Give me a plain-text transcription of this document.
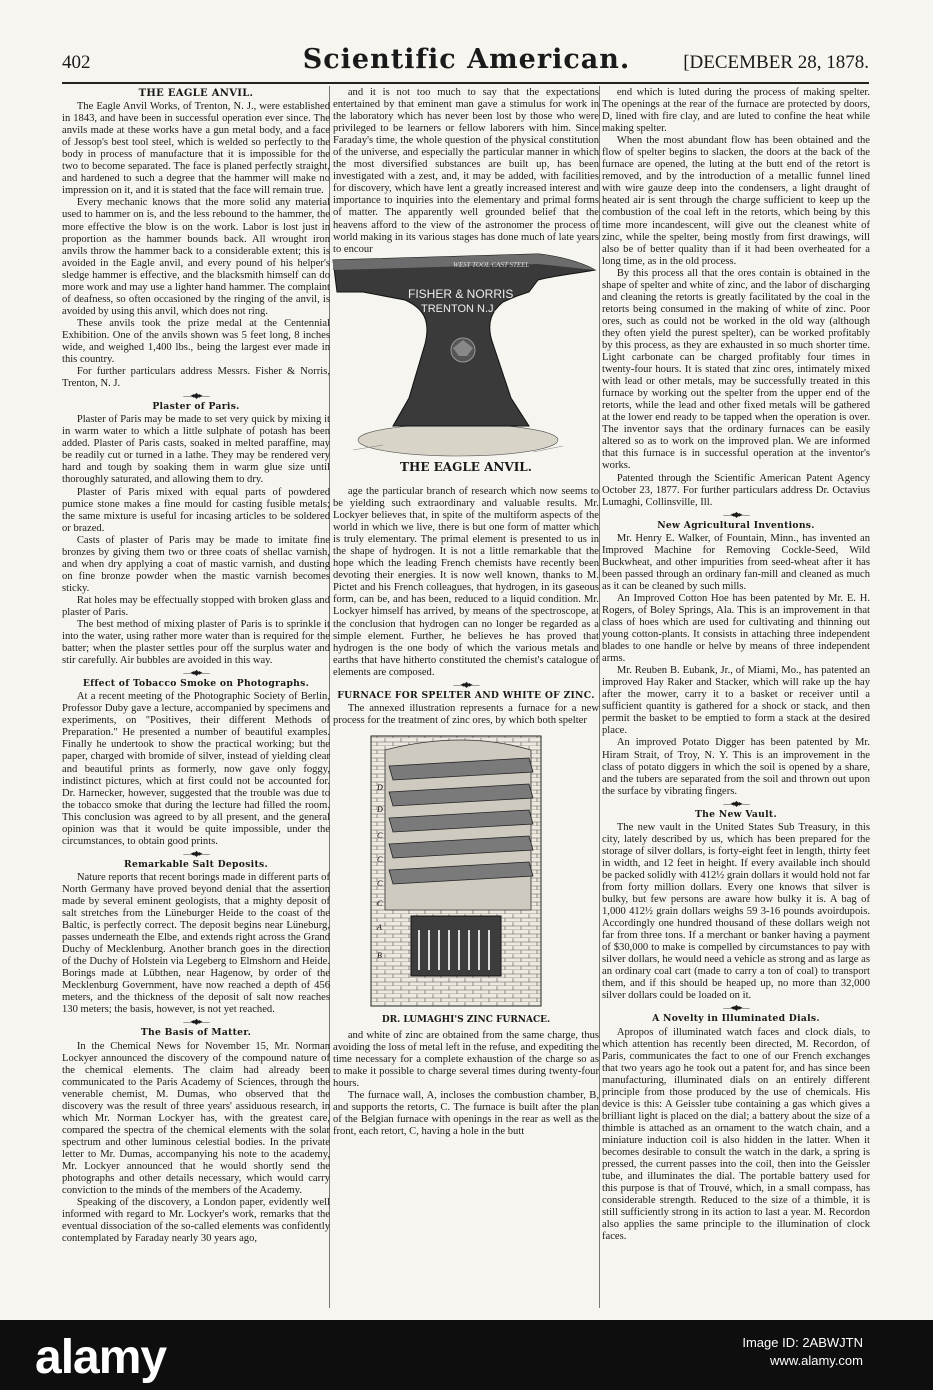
402	Scientific American.	[DECEMBER 28, 1878.
THE EAGLE ANVIL.

The Eagle Anvil Works, of Trenton, N. J., were established in 1843, and have been in successful operation ever since. The anvils made at these works have a gun metal body, and a face of Jessop's best tool steel, which is welded so perfectly to the body in process of manufacture that it is impossible for the two to become separated. The face is planed perfectly straight, and hardened to such a degree that the hammer will make no impression on it, and it is stated that the face will remain true.

Every mechanic knows that the more solid any material used to hammer on is, and the less rebound to the hammer, the more effective the blow is on the work. Labor is lost just in proportion as the hammer bounds back. All wrought iron anvils throw the hammer back to a considerable extent; this is avoided in the Eagle anvil, and every pound of his helper's sledge hammer is effective, and the blacksmith himself can do more work and may use a lighter hand hammer. The complaint of deafness, so often occasioned by the ringing of the anvil, is avoided by using this anvil, which does not ring.

These anvils took the prize medal at the Centennial Exhibition. One of the anvils shown was 5 feet long, 8 inches wide, and weighed 1,400 lbs., being the largest ever made in this country.

For further particulars address Messrs. Fisher & Norris, Trenton, N. J.

—◂◆▸—
Plaster of Paris.

Plaster of Paris may be made to set very quick by mixing it in warm water to which a little sulphate of potash has been added. Plaster of Paris casts, soaked in melted paraffine, may be readily cut or turned in a lathe. They may be rendered very hard and tough by soaking them in warm glue size until thoroughly saturated, and allowing them to dry.

Plaster of Paris mixed with equal parts of powdered pumice stone makes a fine mould for casting fusible metals; the same mixture is useful for incasing articles to be soldered or brazed.

Casts of plaster of Paris may be made to imitate fine bronzes by giving them two or three coats of shellac varnish, and when dry applying a coat of mastic varnish, and dusting on fine bronze powder when the mastic varnish becomes sticky.

Rat holes may be effectually stopped with broken glass and plaster of Paris.

The best method of mixing plaster of Paris is to sprinkle it into the water, using rather more water than is required for the batter; when the plaster settles pour off the surplus water and stir carefully. Air bubbles are avoided in this way.

—◂◆▸—
Effect of Tobacco Smoke on Photographs.

At a recent meeting of the Photographic Society of Berlin, Professor Duby gave a lecture, accompanied by specimens and experiments, on "Positives, their different Methods of Preparation." He presented a number of beautiful examples. Finally he undertook to show the practical working; but the paper, charged with bromide of silver, instead of yielding clear and beautiful prints as formerly, now gave only foggy, indistinct pictures, which at first could not be accounted for. Dr. Harnecker, however, suggested that the trouble was due to the tobacco smoke that during the lecture had filled the room. This conclusion was agreed to by all present, and the general opinion was that it would be quite impossible, under the circumstances, to obtain good prints.

—◂◆▸—
Remarkable Salt Deposits.

Nature reports that recent borings made in different parts of North Germany have proved beyond denial that the assertion made by several eminent geologists, that a mighty deposit of salt stretches from the Lüneburger Heide to the coast of the Baltic, is perfectly correct. The deposit begins near Lüneburg, passes underneath the Elbe, and extends right across the Grand Duchy of Mecklenburg. Another branch goes in the direction of the Duchy of Holstein via Legeberg to Elmshorn and Heide. Borings made at Lübthen, near Hagenow, by order of the Mecklenburg Government, have now reached a depth of 456 meters, and the thickness of the deposit of salt now reaches 130 meters; the basis, however, is not yet reached.

—◂◆▸—
The Basis of Matter.

In the Chemical News for November 15, Mr. Norman Lockyer announced the discovery of the compound nature of the chemical elements. The claim had already been communicated to the Paris Academy of Sciences, through the venerable chemist, M. Dumas, who observed that the discovery was the result of three years' assiduous research, in which Mr. Norman Lockyer has, with the greatest care, compared the spectra of the chemical elements with the solar spectrum and other luminous celestial bodies. In the private letter to Mr. Dumas, accompanying his note to the academy, Mr. Lockyer announced that he would shortly send the photographs and other details necessary, which would carry conviction to the minds of the members of the Academy.

Speaking of the discovery, a London paper, evidently well informed with regard to Mr. Lockyer's work, remarks that the eventual dissociation of the so-called elements was confidently contemplated by Faraday nearly 30 years ago,

and it is not too much to say that the expectations entertained by that eminent man gave a stimulus for work in the laboratory which has never been lost by those who were privileged to be learners or fellow laborers with him. Since Faraday's time, the whole question of the physical constitution of the universe, and especially the particular manner in which the most diversified substances are built up, has been investigated with a zest, and, it may be added, with facilities for discovery, which have lent a greatly increased interest and importance to inquiries into the elementary and primal forms of matter. The apparently well grounded belief that the heavens afford to the view of the astronomer the process of world making in its various stages has done much of late years to encour

WEST TOOL CAST STEEL
FISHER & NORRIS
TRENTON N.J.
THE EAGLE ANVIL.

age the particular branch of research which now seems to be yielding such extraordinary and valuable results. Mr. Lockyer believes that, in spite of the multiform aspects of the world in which we live, there is but one form of matter which is truly elementary. The primal element is presented to us in the shape of hydrogen. It is not a little remarkable that the hope which the leading French chemists have recently been devoting their energies. It is now well known, thanks to M. Pictet and his French colleagues, that hydrogen, in its gaseous form, can be, and has been, reduced to a liquid condition. Mr. Lockyer himself has arrived, by means of the spectroscope, at the conclusion that hydrogen can no longer be regarded as a simple element. Further, he believes he has proved that hydrogen is the one body of which the various metals and earths that have hitherto constituted the chemist's catalogue of elements are composed.

—◂◆▸—
FURNACE FOR SPELTER AND WHITE OF ZINC.

The annexed illustration represents a furnace for a new process for the treatment of zinc ores, by which both spelter

D
D
C
C
C
C
A
B
DR. LUMAGHI'S ZINC FURNACE.

and white of zinc are obtained from the same charge, thus avoiding the loss of metal left in the refuse, and expediting the time necessary for a complete exhaustion of the charge so as to make it possible to charge several times during twenty-four hours.

The furnace wall, A, incloses the combustion chamber, B, and supports the retorts, C. The furnace is built after the plan of the Belgian furnace with openings in the rear as well as the front, each retort, C, having a hole in the butt

end which is luted during the process of making spelter. The openings at the rear of the furnace are protected by doors, D, lined with fire clay, and are luted to confine the heat while making spelter.

When the most abundant flow has been obtained and the flow of spelter begins to slacken, the doors at the back of the furnace are opened, the luting at the butt end of the retort is removed, and by the introduction of a metallic funnel lined with wire gauze deep into the condensers, a light draught of heated air is sent through the charge sufficient to keep up the combustion of the coal left in the retorts, which being by this time more incandescent, will give out the cleanest white of zinc, while the spelter, being mostly from first drawings, will also be of better quality than if it had been overheated for a long time, as in the old process.

By this process all that the ores contain is obtained in the shape of spelter and white of zinc, and the labor of discharging and cleaning the retorts is greatly facilitated by the coal in the retorts being consumed in the making of white of zinc. Poor ores, such as could not be worked in the old way (although they often yield the purest spelter), can be worked profitably by this process, as they are exhausted in so much shorter time. Light carbonate can be charged profitably four times in twenty-four hours. It is stated that zinc ores, intimately mixed with lead or other metals, may be successfully treated in this furnace by working out the spelter from the upper end of the retorts, while the lead and other fixed metals will be gathered at the lower end ready to be tapped when the operation is over. The inventor says that the ordinary furnaces can be easily altered so as to work on the improved plan. We are informed that this furnace is in successful operation at the inventor's works.

Patented through the Scientific American Patent Agency October 23, 1877. For further particulars address Dr. Octavius Lumaghi, Collinsville, Ill.

—◂◆▸—
New Agricultural Inventions.

Mr. Henry E. Walker, of Fountain, Minn., has invented an Improved Machine for Removing Cockle-Seed, Wild Buckwheat, and other impurities from seed-wheat after it has been passed through an ordinary fan-mill and cleaned as much as it can be cleaned by such mills.

An Improved Cotton Hoe has been patented by Mr. E. H. Rogers, of Boley Springs, Ala. This is an improvement in that class of hoes which are used for cultivating and thinning out young cotton-plants. It consists in attaching three independent blades to one handle or helve by means of three independent arms.

Mr. Reuben B. Eubank, Jr., of Miami, Mo., has patented an improved Hay Raker and Stacker, which will rake up the hay after the mower, carry it to a basket or receiver until a sufficient quantity is gathered for a shock or stack, and then permit the basket to be emptied to form a stack at the desired place.

An improved Potato Digger has been patented by Mr. Hiram Strait, of Troy, N. Y. This is an improvement in the class of potato diggers in which the soil is opened by a share, and the tubers are separated from the soil and thrown out upon the surface by vibrating fingers.

—◂◆▸—
The New Vault.

The new vault in the United States Sub Treasury, in this city, lately described by us, which has been prepared for the storage of silver dollars, is forty-eight feet in length, thirty feet in width, and 12 feet in height. If every available inch should be packed solidly with 412½ grain dollars it would hold not far from forty million dollars. Every one knows that silver is bulky, but few persons are aware how bulky it is. A bag of 1,000 412½ grain dollars weighs 59 3-16 pounds avoirdupois. Accordingly one hundred thousand of these dollars weigh not far from three tons. If a merchant or banker having a payment of $30,000 to make is compelled by circumstances to pay with silver dollars, he would need a vehicle as strong and as large as an ordinary coal cart (made to carry a ton of coal) to transport them, and if this should be heaped up, no more than 32,000 silver dollars could be loaded on it.

—◂◆▸—
A Novelty in Illuminated Dials.

Apropos of illuminated watch faces and clock dials, to which attention has recently been directed, M. Recordon, of Paris, communicates the fact to one of our French exchanges that two years ago he took out a patent for, and has since been manufacturing, illuminated dials on an entirely different principle from those produced by the use of chemicals. His device is this: A Geissler tube containing a gas which gives a brilliant light is placed on the dial; a battery about the size of a thimble is attached as an ornament to the watch chain, and a miniature induction coil is also hidden in the latter. When it becomes desirable to consult the watch in the dark, a spring is pressed, the current passes into the coil, then into the Geissler tube, and illuminates the dial. The portable battery used for this purpose is that of Trouvé, which, in a small compass, has considerable strength. Reduced to the size of a thimble, it is still sufficiently strong in its action to last a year. M. Recordon also applies the same principle to the illumination of clock faces.

alamy	Image ID: 2ABWJTN
www.alamy.com
